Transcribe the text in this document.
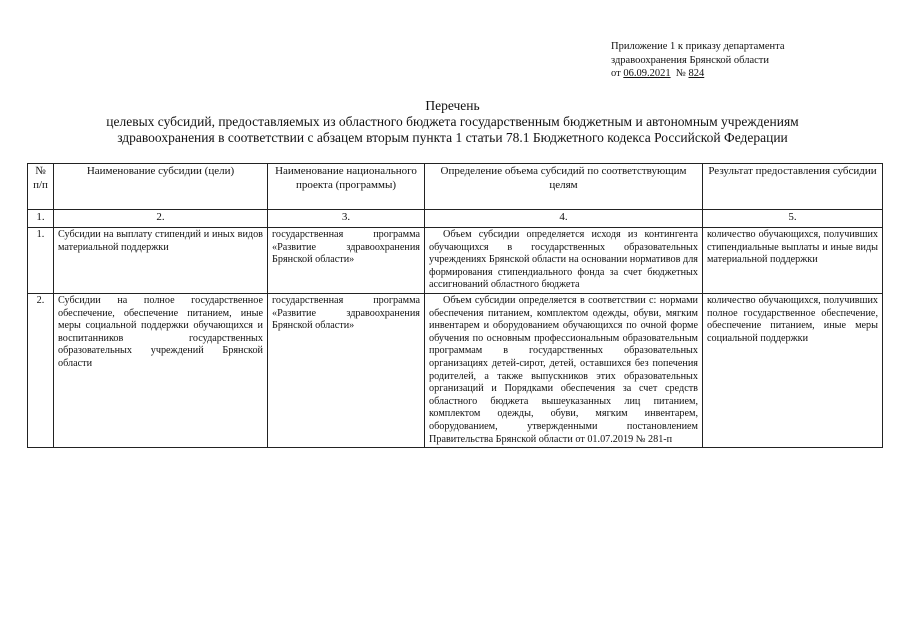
Приложение 1 к приказу департамента
здравоохранения Брянской области
от 06.09.2021 № 824
Перечень
целевых субсидий, предоставляемых из областного бюджета государственным бюджетным и автономным учреждениям
здравоохранения в соответствии с абзацем вторым пункта 1 статьи 78.1 Бюджетного кодекса Российской Федерации
№ п/п	Наименование субсидии (цели)	Наименование национального проекта (программы)	Определение объема субсидий по соответствующим целям	Результат предоставления субсидии
1.	2.	3.	4.	5.
1.	Субсидии на выплату стипендий и иных видов материальной поддержки	государственная программа «Развитие здравоохранения Брянской области»	Объем субсидии определяется исходя из контингента обучающихся в государственных образовательных учреждениях Брянской области на основании нормативов для формирования стипендиального фонда за счет бюджетных ассигнований областного бюджета	количество обучающихся, получивших стипендиальные выплаты и иные виды материальной поддержки
2.	Субсидии на полное государственное обеспечение, обеспечение питанием, иные меры социальной поддержки обучающихся и воспитанников государственных образовательных учреждений Брянской области	государственная программа «Развитие здравоохранения Брянской области»	Объем субсидии определяется в соответствии с: нормами обеспечения питанием, комплектом одежды, обуви, мягким инвентарем и оборудованием обучающихся по очной форме обучения по основным профессиональным образовательным программам в государственных образовательных организациях детей-сирот, детей, оставшихся без попечения родителей, а также выпускников этих образовательных организаций и Порядками обеспечения за счет средств областного бюджета вышеуказанных лиц питанием, комплектом одежды, обуви, мягким инвентарем, оборудованием, утвержденными постановлением Правительства Брянской области от 01.07.2019 № 281-п	количество обучающихся, получивших полное государственное обеспечение, обеспечение питанием, иные меры социальной поддержки
